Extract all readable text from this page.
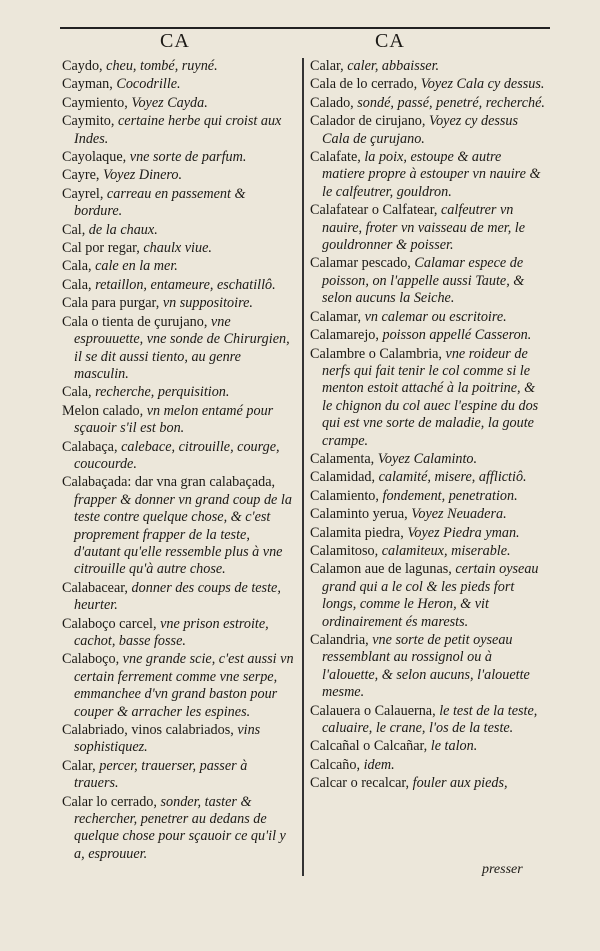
CA	CA
Caydo, cheu, tombé, ruyné.
Cayman, Cocodrille.
Caymiento, Voyez Cayda.
Caymito, certaine herbe qui croist aux Indes.
Cayolaque, vne sorte de parfum.
Cayre, Voyez Dinero.
Cayrel, carreau en passement & bordure.
Cal, de la chaux.
Cal por regar, chaulx viue.
Cala, cale en la mer.
Cala, retaillon, entameure, eschatillô.
Cala para purgar, vn suppositoire.
Cala o tienta de çurujano, vne esprouuette, vne sonde de Chirurgien, il se dit aussi tiento, au genre masculin.
Cala, recherche, perquisition.
Melon calado, vn melon entamé pour sçauoir s'il est bon.
Calabaça, calebace, citrouille, courge, coucourde.
Calabaçada: dar vna gran calabaçada, frapper & donner vn grand coup de la teste contre quelque chose, & c'est proprement frapper de la teste, d'autant qu'elle ressemble plus à vne citrouille qu'à autre chose.
Calabacear, donner des coups de teste, heurter.
Calaboço carcel, vne prison estroite, cachot, basse fosse.
Calaboço, vne grande scie, c'est aussi vn certain ferrement comme vne serpe, emmanchee d'vn grand baston pour couper & arracher les espines.
Calabriado, vinos calabriados, vins sophistiquez.
Calar, percer, trauerser, passer à trauers.
Calar lo cerrado, sonder, taster & rechercher, penetrer au dedans de quelque chose pour sçauoir ce qu'il y a, esprouuer.
Calar, caler, abbaisser.
Cala de lo cerrado, Voyez Cala cy dessus.
Calado, sondé, passé, penetré, recherché.
Calador de cirujano, Voyez cy dessus Cala de çurujano.
Calafate, la poix, estoupe & autre matiere propre à estouper vn nauire & le calfeutrer, gouldron.
Calafatear o Calfatear, calfeutrer vn nauire, froter vn vaisseau de mer, le gouldronner & poisser.
Calamar pescado, Calamar espece de poisson, on l'appelle aussi Taute, & selon aucuns la Seiche.
Calamar, vn calemar ou escritoire.
Calamarejo, poisson appellé Casseron.
Calambre o Calambria, vne roideur de nerfs qui fait tenir le col comme si le menton estoit attaché à la poitrine, & le chignon du col auec l'espine du dos qui est vne sorte de maladie, la goute crampe.
Calamenta, Voyez Calaminto.
Calamidad, calamité, misere, afflictiô.
Calamiento, fondement, penetration.
Calaminto yerua, Voyez Neuadera.
Calamita piedra, Voyez Piedra yman.
Calamitoso, calamiteux, miserable.
Calamon aue de lagunas, certain oyseau grand qui a le col & les pieds fort longs, comme le Heron, & vit ordinairement és marests.
Calandria, vne sorte de petit oyseau ressemblant au rossignol ou à l'alouette, & selon aucuns, l'alouette mesme.
Calauera o Calauerna, le test de la teste, caluaire, le crane, l'os de la teste.
Calcañal o Calcañar, le talon.
Calcaño, idem.
Calcar o recalcar, fouler aux pieds,
presser
